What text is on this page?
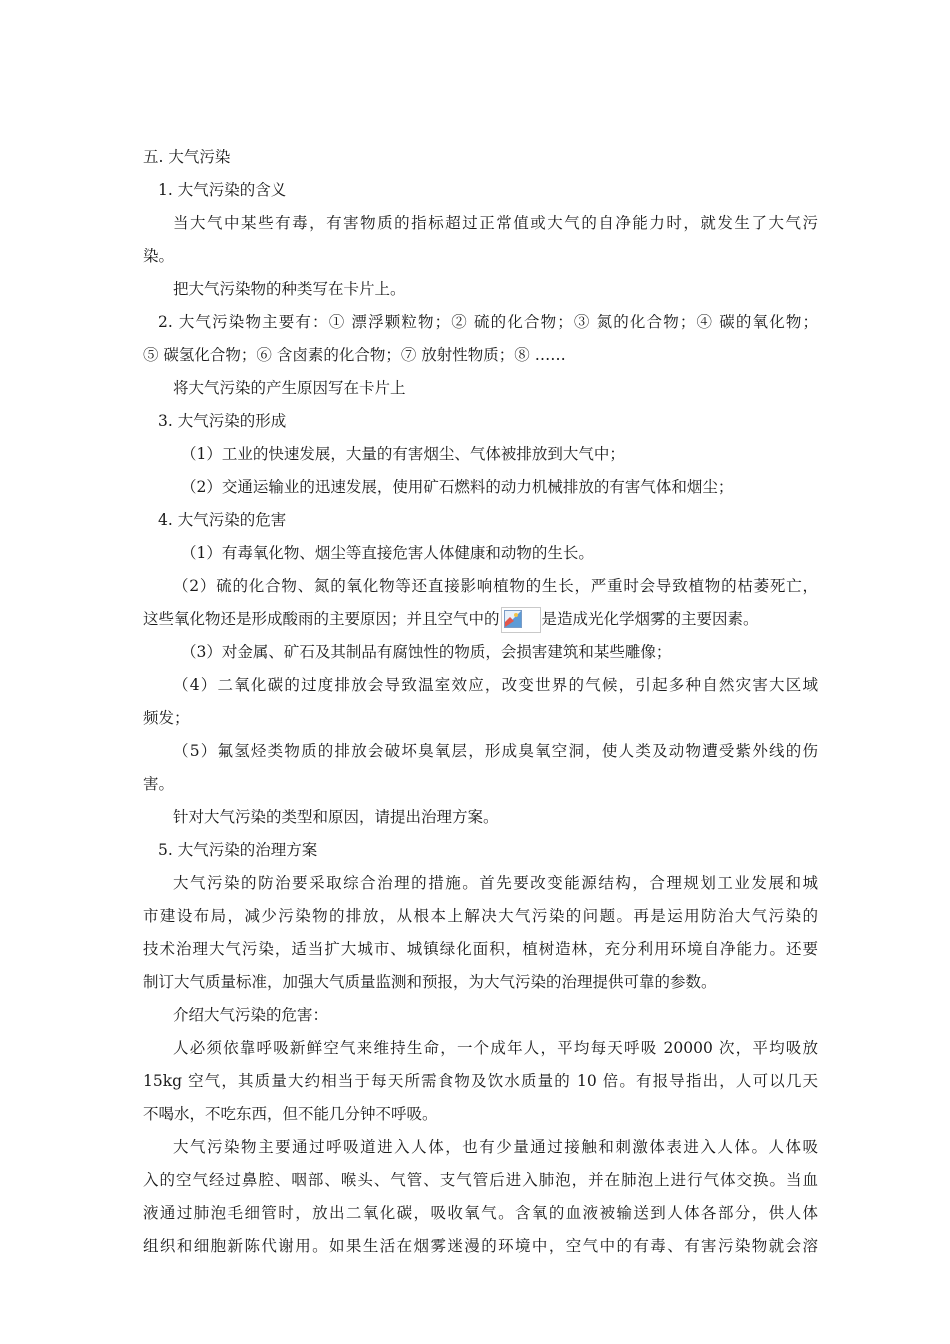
五. 大气污染
1. 大气污染的含义
当大气中某些有毒，有害物质的指标超过正常值或大气的自净能力时，就发生了大气污
染。
把大气污染物的种类写在卡片上。
2. 大气污染物主要有：① 漂浮颗粒物；② 硫的化合物；③ 氮的化合物；④ 碳的氧化物；
⑤ 碳氢化合物；⑥ 含卤素的化合物；⑦ 放射性物质；⑧ ……
将大气污染的产生原因写在卡片上
3. 大气污染的形成
（1）工业的快速发展，大量的有害烟尘、气体被排放到大气中；
（2）交通运输业的迅速发展，使用矿石燃料的动力机械排放的有害气体和烟尘；
4. 大气污染的危害
（1）有毒氧化物、烟尘等直接危害人体健康和动物的生长。
（2）硫的化合物、氮的氧化物等还直接影响植物的生长，严重时会导致植物的枯萎死亡，
这些氧化物还是形成酸雨的主要原因；并且空气中的	是造成光化学烟雾的主要因素。
（3）对金属、矿石及其制品有腐蚀性的物质，会损害建筑和某些雕像；
（4）二氧化碳的过度排放会导致温室效应，改变世界的气候，引起多种自然灾害大区域
频发；
（5）氟氢烃类物质的排放会破坏臭氧层，形成臭氧空洞，使人类及动物遭受紫外线的伤
害。
针对大气污染的类型和原因，请提出治理方案。
5. 大气污染的治理方案
大气污染的防治要采取综合治理的措施。首先要改变能源结构，合理规划工业发展和城
市建设布局，减少污染物的排放，从根本上解决大气污染的问题。再是运用防治大气污染的
技术治理大气污染，适当扩大城市、城镇绿化面积，植树造林，充分利用环境自净能力。还要
制订大气质量标准，加强大气质量监测和预报，为大气污染的治理提供可靠的参数。
介绍大气污染的危害：
人必须依靠呼吸新鲜空气来维持生命，一个成年人，平均每天呼吸 20000 次，平均吸放
15kg 空气，其质量大约相当于每天所需食物及饮水质量的 10 倍。有报导指出，人可以几天
不喝水，不吃东西，但不能几分钟不呼吸。
大气污染物主要通过呼吸道进入人体，也有少量通过接触和刺激体表进入人体。人体吸
入的空气经过鼻腔、咽部、喉头、气管、支气管后进入肺泡，并在肺泡上进行气体交换。当血
液通过肺泡毛细管时，放出二氧化碳，吸收氧气。含氧的血液被输送到人体各部分，供人体
组织和细胞新陈代谢用。如果生活在烟雾迷漫的环境中，空气中的有毒、有害污染物就会溶
